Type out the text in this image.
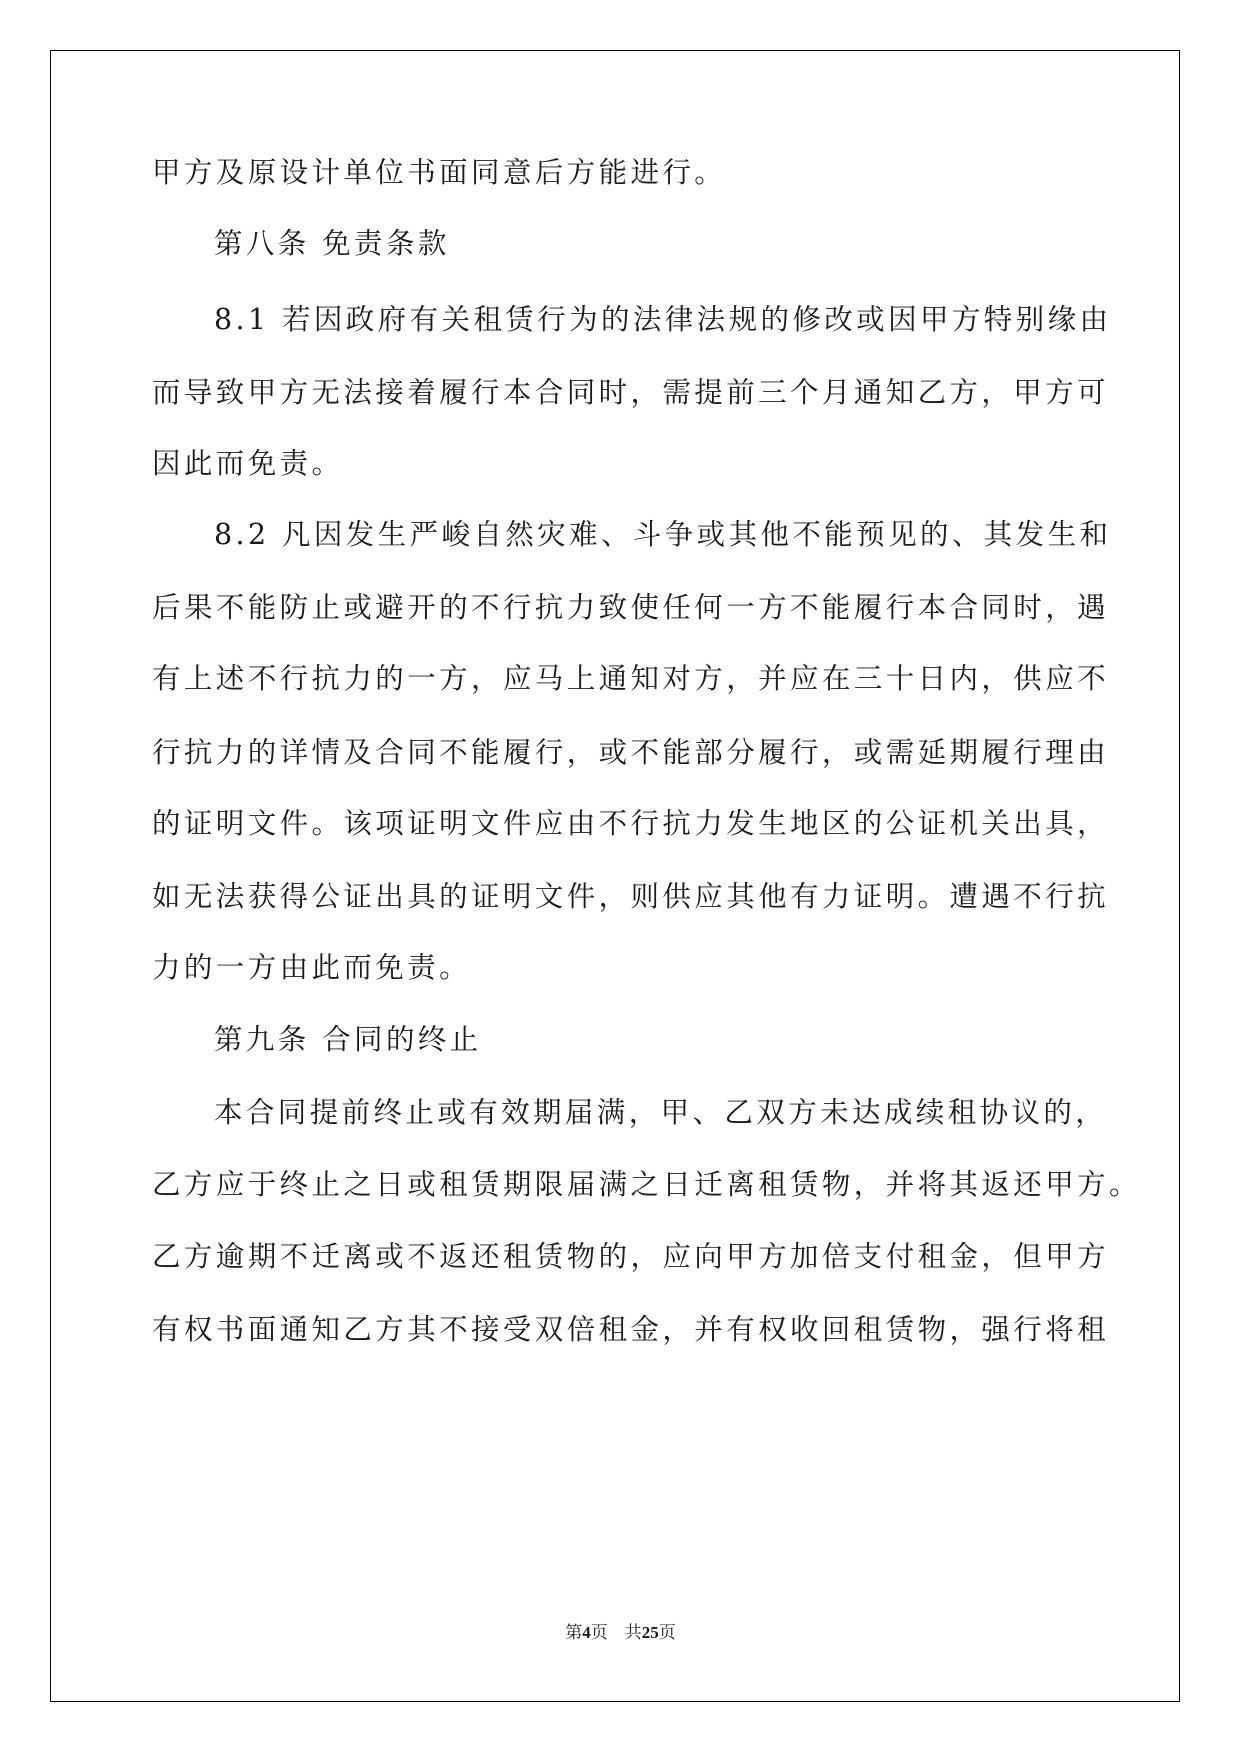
甲方及原设计单位书面同意后方能进行。

第八条 免责条款

8.1 若因政府有关租赁行为的法律法规的修改或因甲方特别缘由

而导致甲方无法接着履行本合同时，需提前三个月通知乙方，甲方可

因此而免责。

8.2 凡因发生严峻自然灾难、斗争或其他不能预见的、其发生和

后果不能防止或避开的不行抗力致使任何一方不能履行本合同时，遇

有上述不行抗力的一方，应马上通知对方，并应在三十日内，供应不

行抗力的详情及合同不能履行，或不能部分履行，或需延期履行理由

的证明文件。该项证明文件应由不行抗力发生地区的公证机关出具，

如无法获得公证出具的证明文件，则供应其他有力证明。遭遇不行抗

力的一方由此而免责。

第九条 合同的终止

本合同提前终止或有效期届满，甲、乙双方未达成续租协议的，

乙方应于终止之日或租赁期限届满之日迁离租赁物，并将其返还甲方。

乙方逾期不迁离或不返还租赁物的，应向甲方加倍支付租金，但甲方

有权书面通知乙方其不接受双倍租金，并有权收回租赁物，强行将租

第4页 共25页
